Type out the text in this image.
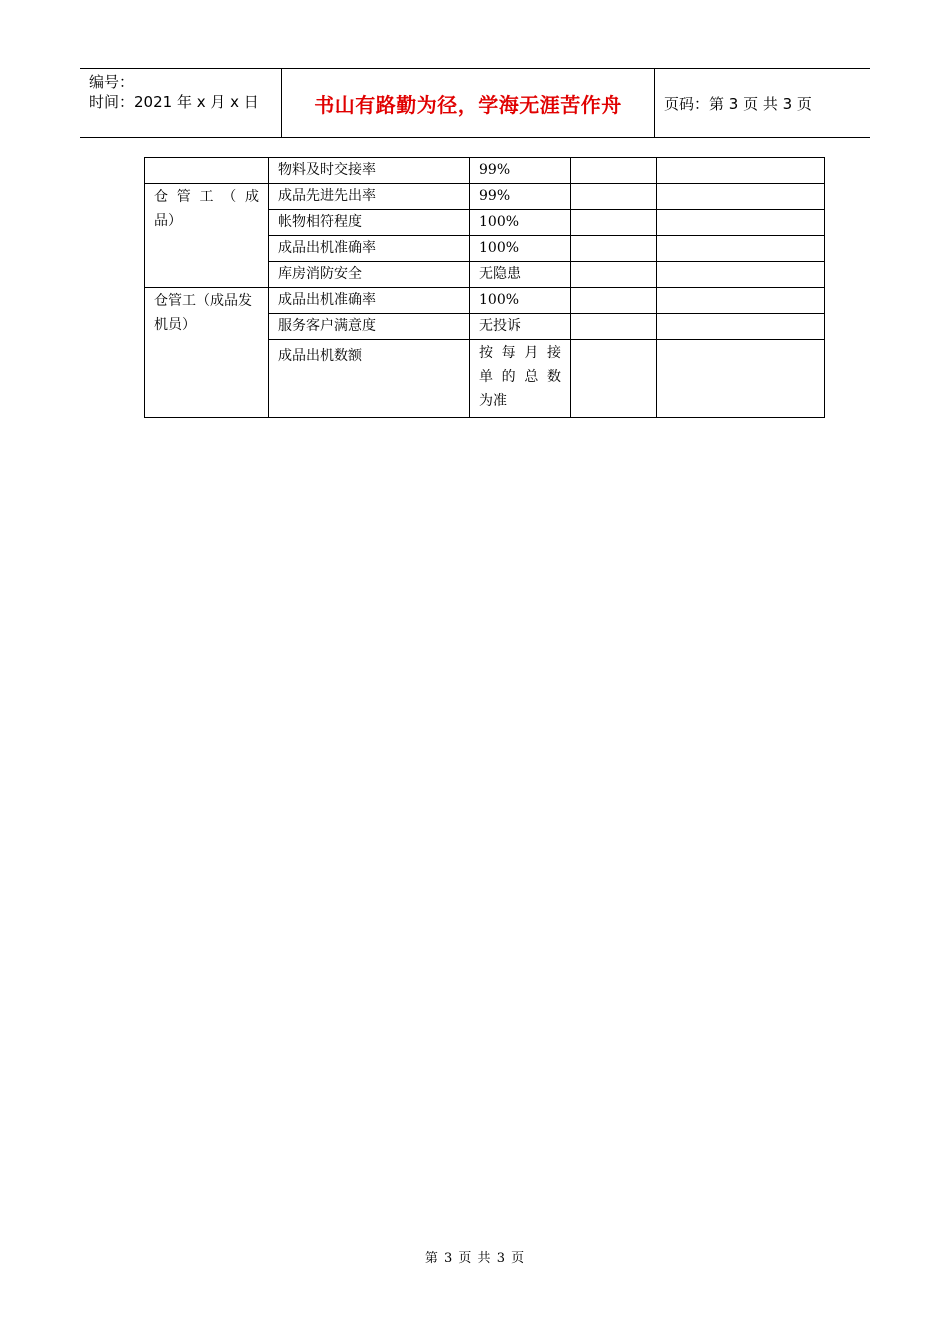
编号：
时间：2021 年 x 月 x 日	书山有路勤为径，学海无涯苦作舟	页码：第 3 页 共 3 页
	物料及时交接率	99%		
仓 管 工 （ 成品）	成品先进先出率	99%		
	帐物相符程度	100%		
	成品出机准确率	100%		
	库房消防安全	无隐患		
仓管工（成品发机员）	成品出机准确率	100%		
	服务客户满意度	无投诉		
	成品出机数额	按 每 月 接 单 的 总 数 为准		
第 3 页 共 3 页
